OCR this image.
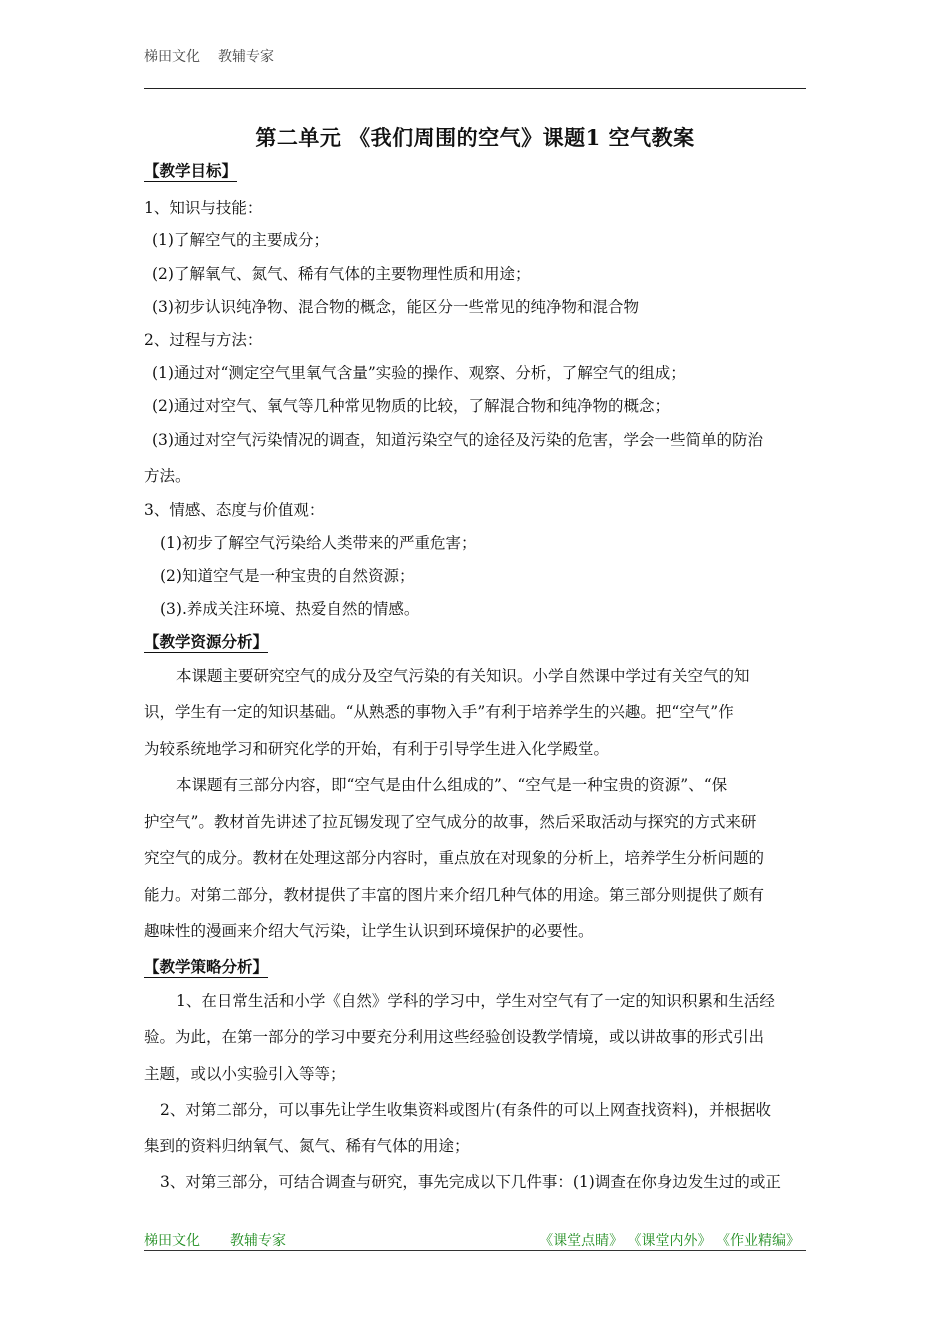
梯田文化 教辅专家
第二单元 《我们周围的空气》课题1 空气教案
【教学目标】
1、知识与技能：
(1)了解空气的主要成分；
(2)了解氧气、氮气、稀有气体的主要物理性质和用途；
(3)初步认识纯净物、混合物的概念，能区分一些常见的纯净物和混合物
2、过程与方法：
(1)通过对“测定空气里氧气含量”实验的操作、观察、分析，了解空气的组成；
(2)通过对空气、氧气等几种常见物质的比较，了解混合物和纯净物的概念；
(3)通过对空气污染情况的调查，知道污染空气的途径及污染的危害，学会一些简单的防治
方法。
3、情感、态度与价值观：
(1)初步了解空气污染给人类带来的严重危害；
(2)知道空气是一种宝贵的自然资源；
(3).养成关注环境、热爱自然的情感。
【教学资源分析】
本课题主要研究空气的成分及空气污染的有关知识。小学自然课中学过有关空气的知
识，学生有一定的知识基础。“从熟悉的事物入手”有利于培养学生的兴趣。把“空气”作
为较系统地学习和研究化学的开始，有利于引导学生进入化学殿堂。
本课题有三部分内容，即“空气是由什么组成的”、“空气是一种宝贵的资源”、“保
护空气”。教材首先讲述了拉瓦锡发现了空气成分的故事，然后采取活动与探究的方式来研
究空气的成分。教材在处理这部分内容时，重点放在对现象的分析上，培养学生分析问题的
能力。对第二部分，教材提供了丰富的图片来介绍几种气体的用途。第三部分则提供了颇有
趣味性的漫画来介绍大气污染，让学生认识到环境保护的必要性。
【教学策略分析】
1、在日常生活和小学《自然》学科的学习中，学生对空气有了一定的知识积累和生活经
验。为此，在第一部分的学习中要充分利用这些经验创设教学情境，或以讲故事的形式引出
主题，或以小实验引入等等；
2、对第二部分，可以事先让学生收集资料或图片(有条件的可以上网查找资料)，并根据收
集到的资料归纳氧气、氮气、稀有气体的用途；
3、对第三部分，可结合调查与研究，事先完成以下几件事：(1)调查在你身边发生过的或正
梯田文化 教辅专家	《课堂点睛》 《课堂内外》 《作业精编》
